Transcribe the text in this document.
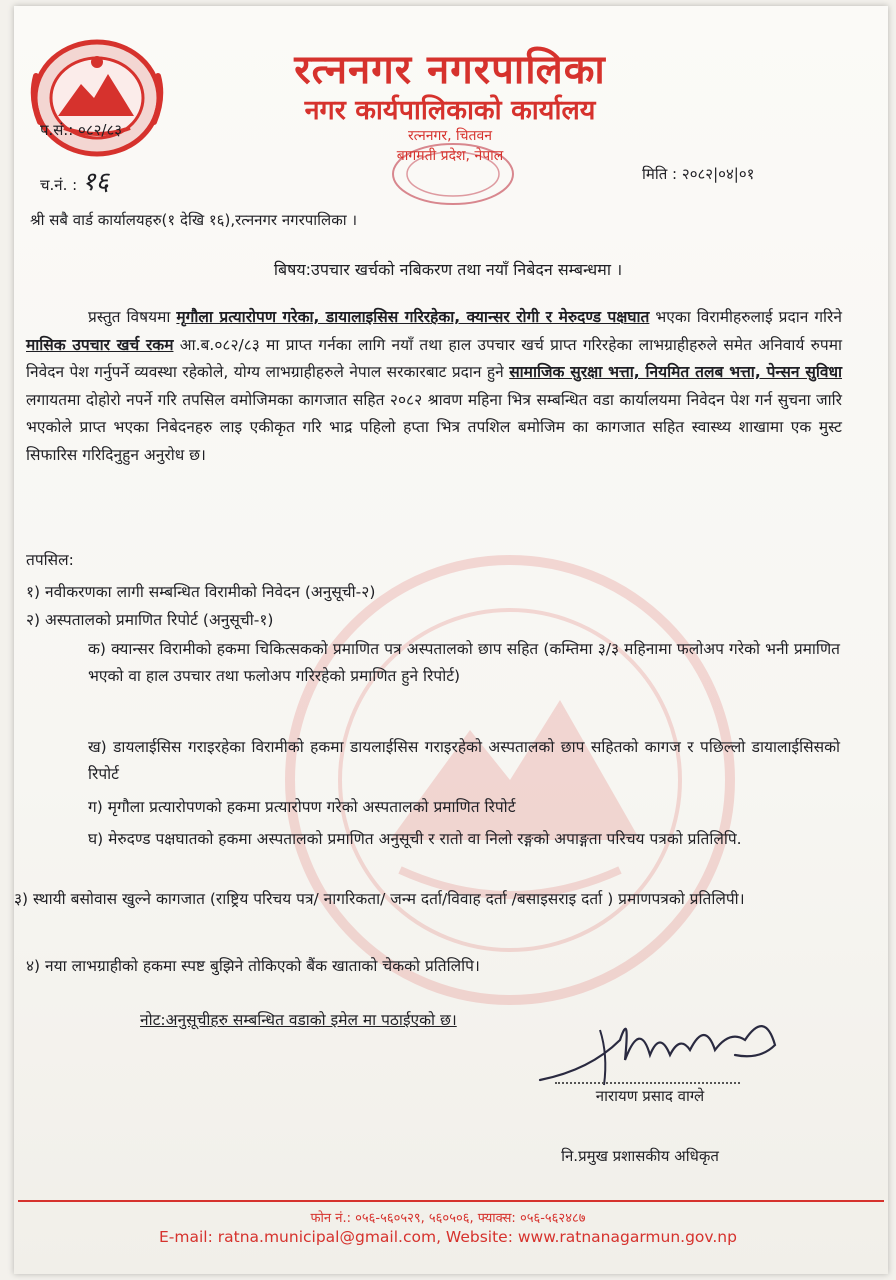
रत्ननगर नगरपालिका
नगर कार्यपालिकाको कार्यालय
रत्ननगर, चितवन
बागमती प्रदेश, नेपाल
प.सं.: ०८२/८३
च.नं. : १६	मिति : २०८२|०४|०१
श्री सबै वार्ड कार्यालयहरु(१ देखि १६),रत्ननगर नगरपालिका ।
बिषय:उपचार खर्चको नबिकरण तथा नयाँ निबेदन सम्बन्धमा ।
प्रस्तुत विषयमा मृगौला प्रत्यारोपण गरेका, डायालाइसिस गरिरहेका, क्यान्सर रोगी र मेरुदण्ड पक्षघात भएका विरामीहरुलाई प्रदान गरिने मासिक उपचार खर्च रकम आ.ब.०८२/८३ मा प्राप्त गर्नका लागि नयाँ तथा हाल उपचार खर्च प्राप्त गरिरहेका लाभग्राहीहरुले समेत अनिवार्य रुपमा निवेदन पेश गर्नुपर्ने व्यवस्था रहेकोले, योग्य लाभग्राहीहरुले नेपाल सरकारबाट प्रदान हुने सामाजिक सुरक्षा भत्ता, नियमित तलब भत्ता, पेन्सन सुविधा लगायतमा दोहोरो नपर्ने गरि तपसिल वमोजिमका कागजात सहित २०८२ श्रावण महिना भित्र सम्बन्धित वडा कार्यालयमा निवेदन पेश गर्न सुचना जारि भएकोले प्राप्त भएका निबेदनहरु लाइ एकीकृत गरि भाद्र पहिलो हप्ता भित्र तपशिल बमोजिम का कागजात सहित स्वास्थ्य शाखामा एक मुस्ट सिफारिस गरिदिनुहुन अनुरोध छ।
तपसिल:
१) नवीकरणका लागी सम्बन्धित विरामीको निवेदन (अनुसूची-२)
२) अस्पतालको प्रमाणित रिपोर्ट (अनुसूची-१)
क) क्यान्सर विरामीको हकमा चिकित्सकको प्रमाणित पत्र अस्पतालको छाप सहित (कम्तिमा ३/३ महिनामा फलोअप गरेको भनी प्रमाणित भएको वा हाल उपचार तथा फलोअप गरिरहेको प्रमाणित हुने रिपोर्ट)
ख) डायलाईसिस गराइरहेका विरामीको हकमा डायलाईसिस गराइरहेको अस्पतालको छाप सहितको कागज र पछिल्लो डायालाईसिसको रिपोर्ट
ग) मृगौला प्रत्यारोपणको हकमा प्रत्यारोपण गरेको अस्पतालको प्रमाणित रिपोर्ट
घ) मेरुदण्ड पक्षघातको हकमा अस्पतालको प्रमाणित अनुसूची र रातो वा निलो रङ्गको अपाङ्गता परिचय पत्रको प्रतिलिपि.
३) स्थायी बसोवास खुल्ने कागजात (राष्ट्रिय परिचय पत्र/ नागरिकता/ जन्म दर्ता/विवाह दर्ता /बसाइसराइ दर्ता ) प्रमाणपत्रको प्रतिलिपी।
४) नया लाभग्राहीको हकमा स्पष्ट बुझिने तोकिएको बैंक खाताको चेकको प्रतिलिपि।
नोट:अनुसूचीहरु सम्बन्धित वडाको इमेल मा पठाईएको छ।
नारायण प्रसाद वाग्ले
नि.प्रमुख प्रशासकीय अधिकृत
फोन नं.: ०५६-५६०५२९, ५६०५०६, फ्याक्स: ०५६-५६२४८७
E-mail: ratna.municipal@gmail.com, Website: www.ratnanagarmun.gov.np
